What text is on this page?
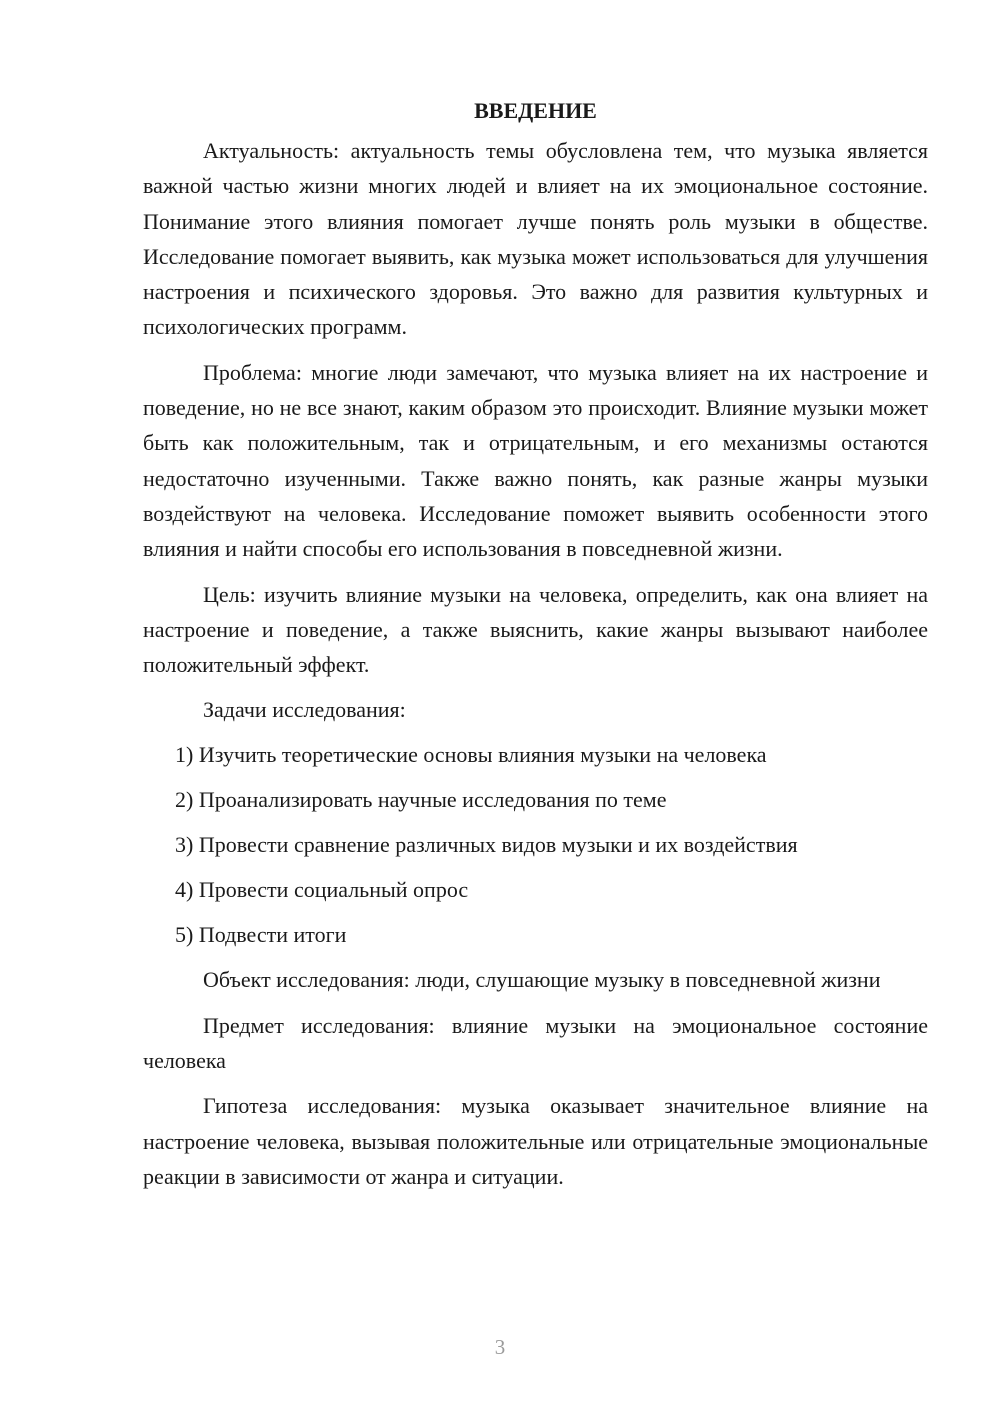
ВВЕДЕНИЕ

Актуальность: актуальность темы обусловлена тем, что музыка является важной частью жизни многих людей и влияет на их эмоциональное состояние. Понимание этого влияния помогает лучше понять роль музыки в обществе. Исследование помогает выявить, как музыка может использоваться для улучшения настроения и психического здоровья. Это важно для развития культурных и психологических программ.

Проблема: многие люди замечают, что музыка влияет на их настроение и поведение, но не все знают, каким образом это происходит. Влияние музыки может быть как положительным, так и отрицательным, и его механизмы остаются недостаточно изученными. Также важно понять, как разные жанры музыки воздействуют на человека. Исследование поможет выявить особенности этого влияния и найти способы его использования в повседневной жизни.

Цель: изучить влияние музыки на человека, определить, как она влияет на настроение и поведение, а также выяснить, какие жанры вызывают наиболее положительный эффект.

Задачи исследования:

1) Изучить теоретические основы влияния музыки на человека
2) Проанализировать научные исследования по теме
3) Провести сравнение различных видов музыки и их воздействия
4) Провести социальный опрос
5) Подвести итоги

Объект исследования: люди, слушающие музыку в повседневной жизни

Предмет исследования: влияние музыки на эмоциональное состояние человека

Гипотеза исследования: музыка оказывает значительное влияние на настроение человека, вызывая положительные или отрицательные эмоциональные реакции в зависимости от жанра и ситуации.

3
